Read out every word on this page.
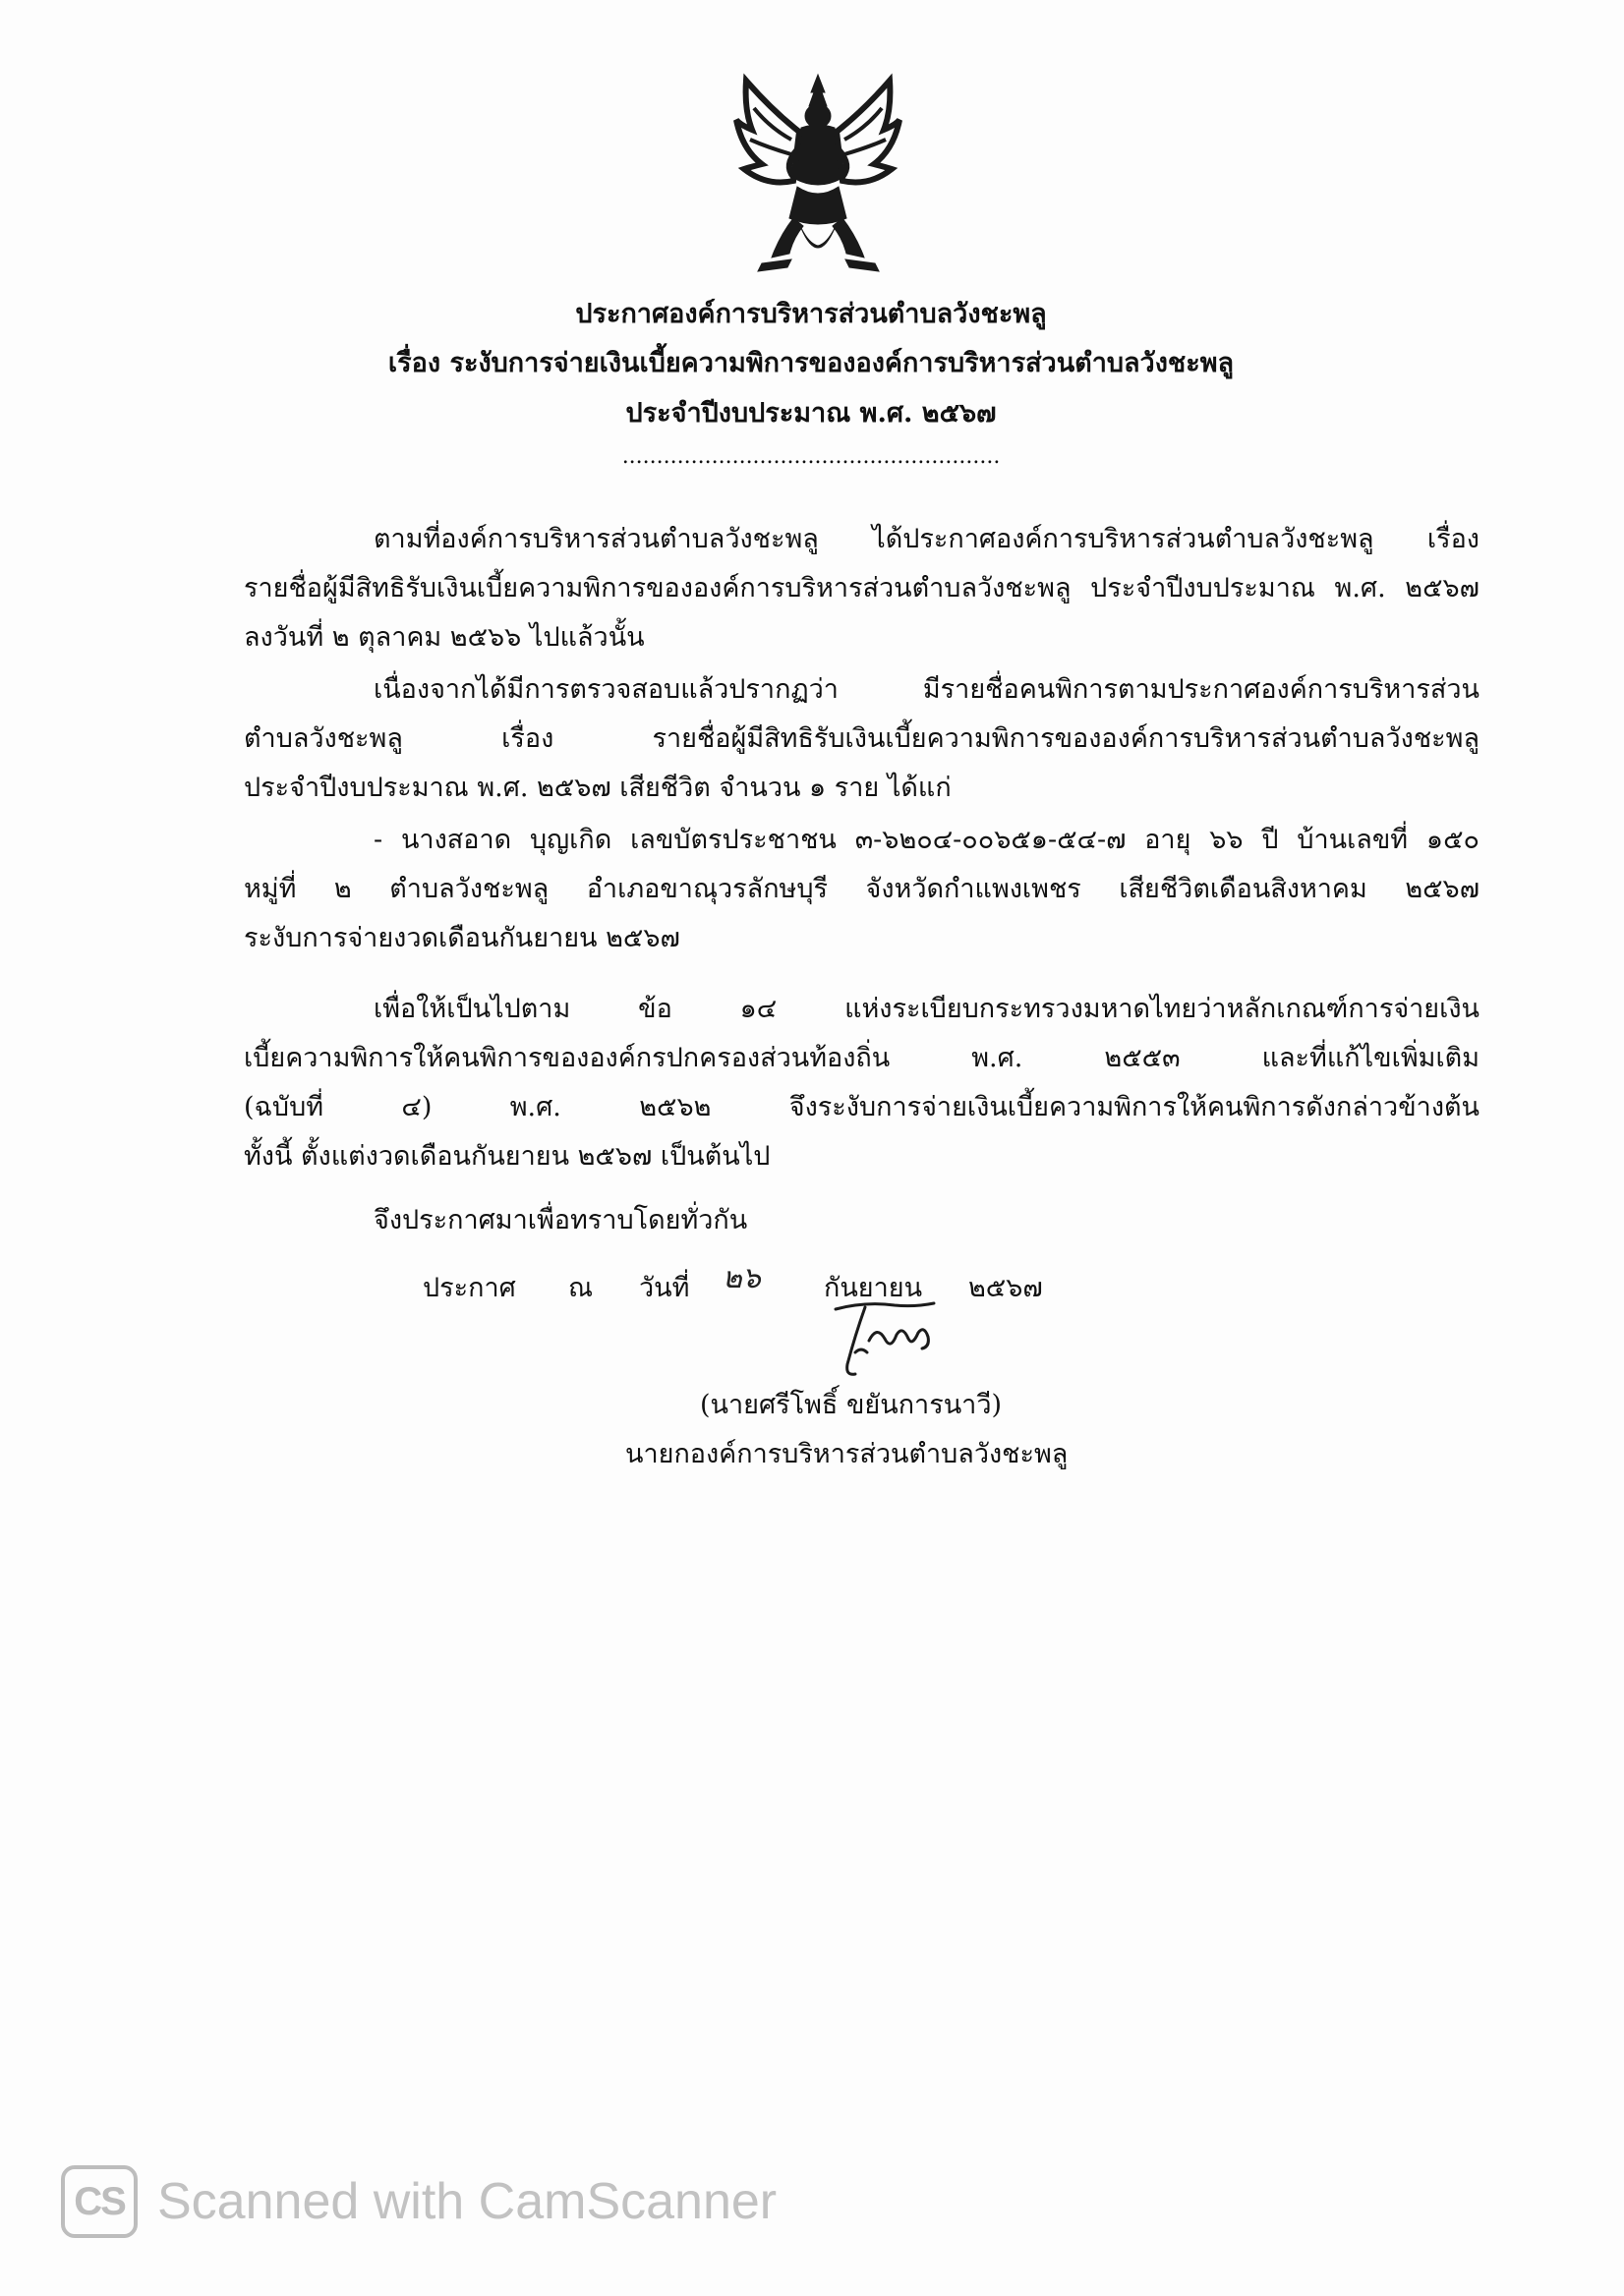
ประกาศองค์การบริหารส่วนตำบลวังชะพลู
เรื่อง ระงับการจ่ายเงินเบี้ยความพิการขององค์การบริหารส่วนตำบลวังชะพลู
ประจำปีงบประมาณ พ.ศ. ๒๕๖๗
.......................................................
ตามที่องค์การบริหารส่วนตำบลวังชะพลู ได้ประกาศองค์การบริหารส่วนตำบลวังชะพลู เรื่อง
รายชื่อผู้มีสิทธิรับเงินเบี้ยความพิการขององค์การบริหารส่วนตำบลวังชะพลู ประจำปีงบประมาณ พ.ศ. ๒๕๖๗
ลงวันที่ ๒ ตุลาคม ๒๕๖๖ ไปแล้วนั้น
เนื่องจากได้มีการตรวจสอบแล้วปรากฏว่า มีรายชื่อคนพิการตามประกาศองค์การบริหารส่วน
ตำบลวังชะพลู เรื่อง รายชื่อผู้มีสิทธิรับเงินเบี้ยความพิการขององค์การบริหารส่วนตำบลวังชะพลู
ประจำปีงบประมาณ พ.ศ. ๒๕๖๗ เสียชีวิต จำนวน ๑ ราย ได้แก่
- นางสอาด บุญเกิด เลขบัตรประชาชน ๓-๖๒๐๔-๐๐๖๕๑-๕๔-๗ อายุ ๖๖ ปี บ้านเลขที่ ๑๕๐
หมู่ที่ ๒ ตำบลวังชะพลู อำเภอขาณุวรลักษบุรี จังหวัดกำแพงเพชร เสียชีวิตเดือนสิงหาคม ๒๕๖๗
ระงับการจ่ายงวดเดือนกันยายน ๒๕๖๗
เพื่อให้เป็นไปตาม ข้อ ๑๔ แห่งระเบียบกระทรวงมหาดไทยว่าหลักเกณฑ์การจ่ายเงิน
เบี้ยความพิการให้คนพิการขององค์กรปกครองส่วนท้องถิ่น พ.ศ. ๒๕๕๓ และที่แก้ไขเพิ่มเติม
(ฉบับที่ ๔) พ.ศ. ๒๕๖๒ จึงระงับการจ่ายเงินเบี้ยความพิการให้คนพิการดังกล่าวข้างต้น
ทั้งนี้ ตั้งแต่งวดเดือนกันยายน ๒๕๖๗ เป็นต้นไป
จึงประกาศมาเพื่อทราบโดยทั่วกัน
ประกาศ ณ วันที่ ๒๖ กันยายน ๒๕๖๗
(นายศรีโพธิ์ ขยันการนาวี)
นายกองค์การบริหารส่วนตำบลวังชะพลู
CS Scanned with CamScanner
